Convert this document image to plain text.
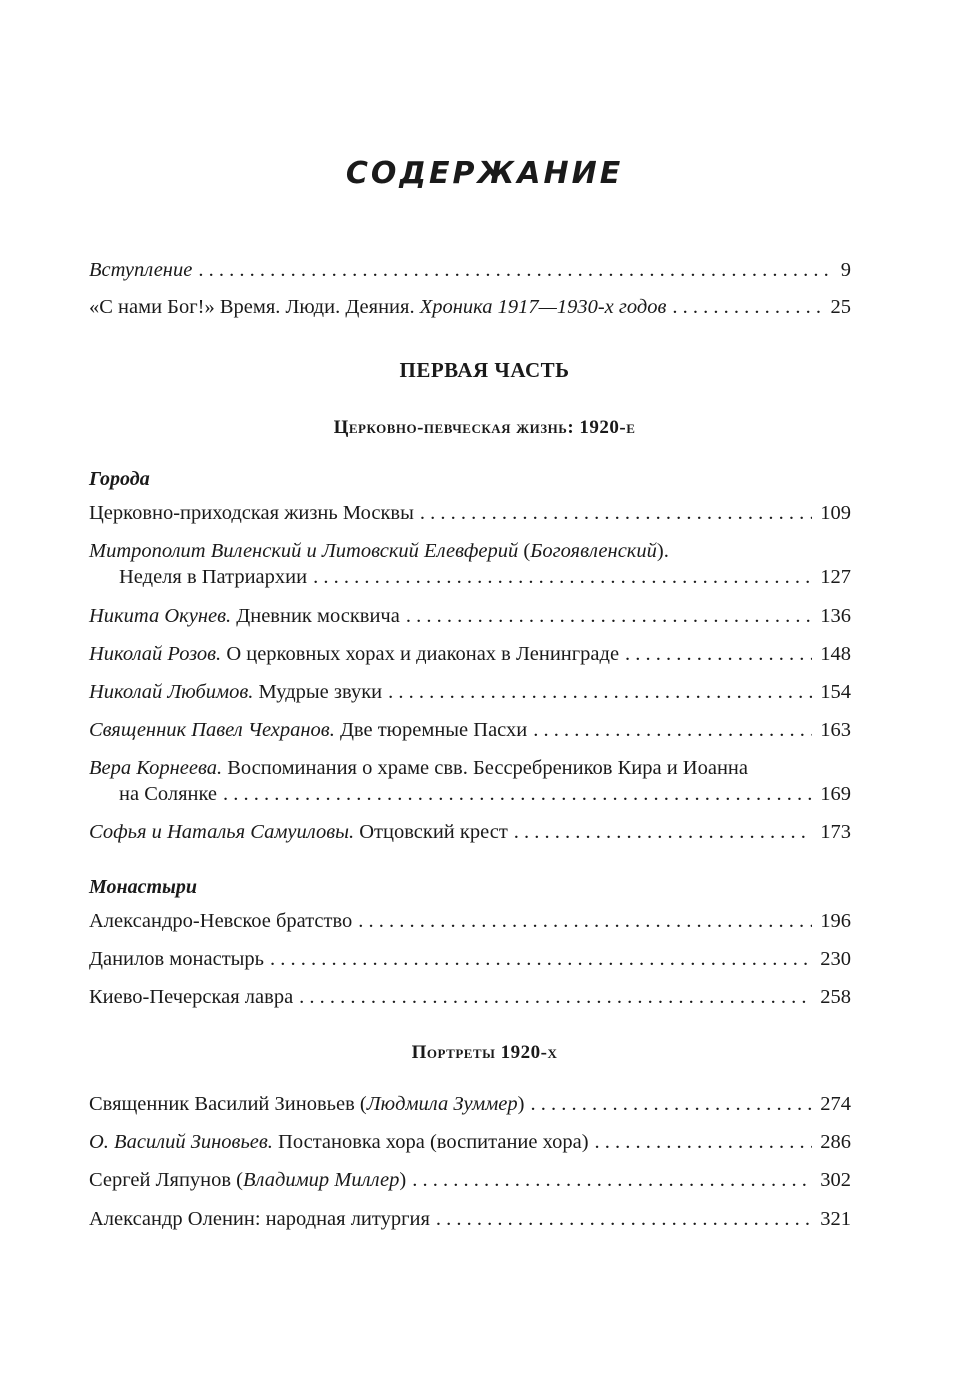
СОДЕРЖАНИЕ
Вступление . . .	9
«С нами Бог!» Время. Люди. Деяния. Хроника 1917—1930-х годов . . .	25
ПЕРВАЯ ЧАСТЬ
Церковно-певческая жизнь: 1920-е
Города
Церковно-приходская жизнь Москвы . . .	109
Митрополит Виленский и Литовский Елевферий (Богоявленский).
Неделя в Патриархии . . .	127
Никита Окунев. Дневник москвича . . .	136
Николай Розов. О церковных хорах и диаконах в Ленинграде . . .	148
Николай Любимов. Мудрые звуки . . .	154
Священник Павел Чехранов. Две тюремные Пасхи . . .	163
Вера Корнеева. Воспоминания о храме свв. Бессребреников Кира и Иоанна
на Солянке . . .	169
Софья и Наталья Самуиловы. Отцовский крест . . .	173
Монастыри
Александро-Невское братство . . .	196
Данилов монастырь . . .	230
Киево-Печерская лавра . . .	258
Портреты 1920-х
Священник Василий Зиновьев (Людмила Зуммер) . . .	274
О. Василий Зиновьев. Постановка хора (воспитание хора) . . .	286
Сергей Ляпунов (Владимир Миллер) . . .	302
Александр Оленин: народная литургия . . .	321
